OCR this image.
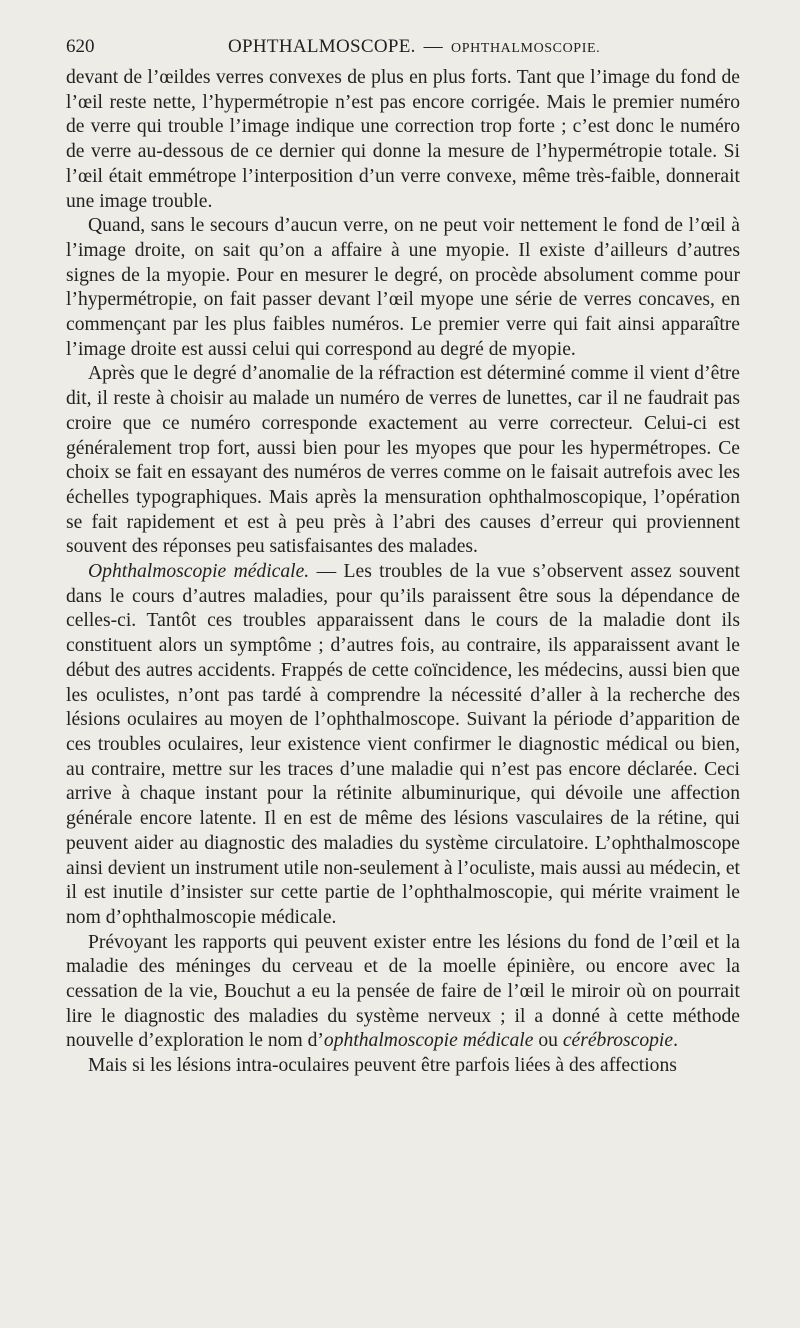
620	OPHTHALMOSCOPE. — OPHTHALMOSCOPIE.

devant de l’œildes verres convexes de plus en plus forts. Tant que l’image du fond de l’œil reste nette, l’hypermétropie n’est pas encore corrigée. Mais le premier numéro de verre qui trouble l’image indique une correction trop forte ; c’est donc le numéro de verre au-dessous de ce dernier qui donne la mesure de l’hypermétropie totale. Si l’œil était emmétrope l’interposition d’un verre convexe, même très-faible, donnerait une image trouble.

Quand, sans le secours d’aucun verre, on ne peut voir nettement le fond de l’œil à l’image droite, on sait qu’on a affaire à une myopie. Il existe d’ailleurs d’autres signes de la myopie. Pour en mesurer le degré, on procède absolument comme pour l’hypermétropie, on fait passer devant l’œil myope une série de verres concaves, en commençant par les plus faibles numéros. Le premier verre qui fait ainsi apparaître l’image droite est aussi celui qui correspond au degré de myopie.

Après que le degré d’anomalie de la réfraction est déterminé comme il vient d’être dit, il reste à choisir au malade un numéro de verres de lunettes, car il ne faudrait pas croire que ce numéro corresponde exactement au verre correcteur. Celui-ci est généralement trop fort, aussi bien pour les myopes que pour les hypermétropes. Ce choix se fait en essayant des numéros de verres comme on le faisait autrefois avec les échelles typographiques. Mais après la mensuration ophthalmoscopique, l’opération se fait rapidement et est à peu près à l’abri des causes d’erreur qui proviennent souvent des réponses peu satisfaisantes des malades.

Ophthalmoscopie médicale. — Les troubles de la vue s’observent assez souvent dans le cours d’autres maladies, pour qu’ils paraissent être sous la dépendance de celles-ci. Tantôt ces troubles apparaissent dans le cours de la maladie dont ils constituent alors un symptôme ; d’autres fois, au contraire, ils apparaissent avant le début des autres accidents. Frappés de cette coïncidence, les médecins, aussi bien que les oculistes, n’ont pas tardé à comprendre la nécessité d’aller à la recherche des lésions oculaires au moyen de l’ophthalmoscope. Suivant la période d’apparition de ces troubles oculaires, leur existence vient confirmer le diagnostic médical ou bien, au contraire, mettre sur les traces d’une maladie qui n’est pas encore déclarée. Ceci arrive à chaque instant pour la rétinite albuminurique, qui dévoile une affection générale encore latente. Il en est de même des lésions vasculaires de la rétine, qui peuvent aider au diagnostic des maladies du système circulatoire. L’ophthalmoscope ainsi devient un instrument utile non-seulement à l’oculiste, mais aussi au médecin, et il est inutile d’insister sur cette partie de l’ophthalmoscopie, qui mérite vraiment le nom d’ophthalmoscopie médicale.

Prévoyant les rapports qui peuvent exister entre les lésions du fond de l’œil et la maladie des méninges du cerveau et de la moelle épinière, ou encore avec la cessation de la vie, Bouchut a eu la pensée de faire de l’œil le miroir où on pourrait lire le diagnostic des maladies du système nerveux ; il a donné à cette méthode nouvelle d’exploration le nom d’ophthalmoscopie médicale ou cérébroscopie.

Mais si les lésions intra-oculaires peuvent être parfois liées à des affections
